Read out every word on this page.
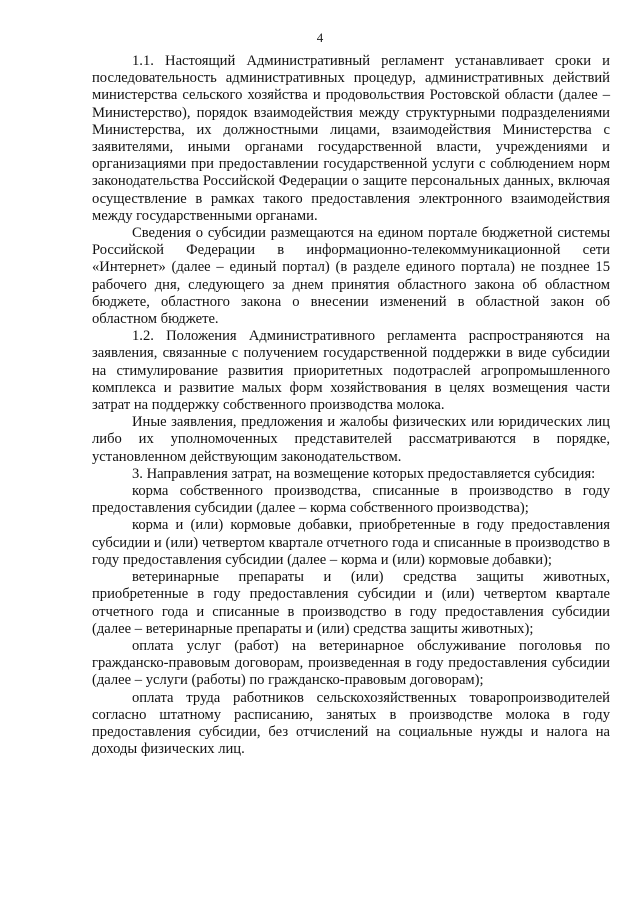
4

1.1. Настоящий Административный регламент устанавливает сроки и последовательность административных процедур, административных действий министерства сельского хозяйства и продовольствия Ростовской области (далее – Министерство), порядок взаимодействия между структурными подразделениями Министерства, их должностными лицами, взаимодействия Министерства с заявителями, иными органами государственной власти, учреждениями и организациями при предоставлении государственной услуги с соблюдением норм законодательства Российской Федерации о защите персональных данных, включая осуществление в рамках такого предоставления электронного взаимодействия между государственными органами.

Сведения о субсидии размещаются на едином портале бюджетной системы Российской Федерации в информационно-телекоммуникационной сети «Интернет» (далее – единый портал) (в разделе единого портала) не позднее 15 рабочего дня, следующего за днем принятия областного закона об областном бюджете, областного закона о внесении изменений в областной закон об областном бюджете.

1.2. Положения Административного регламента распространяются на заявления, связанные с получением государственной поддержки в виде субсидии на стимулирование развития приоритетных подотраслей агропромышленного комплекса и развитие малых форм хозяйствования в целях возмещения части затрат на поддержку собственного производства молока.

Иные заявления, предложения и жалобы физических или юридических лиц либо их уполномоченных представителей рассматриваются в порядке, установленном действующим законодательством.

3. Направления затрат, на возмещение которых предоставляется субсидия:

корма собственного производства, списанные в производство в году предоставления субсидии (далее – корма собственного производства);

корма и (или) кормовые добавки, приобретенные в году предоставления субсидии и (или) четвертом квартале отчетного года и списанные в производство в году предоставления субсидии (далее – корма и (или) кормовые добавки);

ветеринарные препараты и (или) средства защиты животных, приобретенные в году предоставления субсидии и (или) четвертом квартале отчетного года и списанные в производство в году предоставления субсидии (далее – ветеринарные препараты и (или) средства защиты животных);

оплата услуг (работ) на ветеринарное обслуживание поголовья по гражданско-правовым договорам, произведенная в году предоставления субсидии (далее – услуги (работы) по гражданско-правовым договорам);

оплата труда работников сельскохозяйственных товаропроизводителей согласно штатному расписанию, занятых в производстве молока в году предоставления субсидии, без отчислений на социальные нужды и налога на доходы физических лиц.
